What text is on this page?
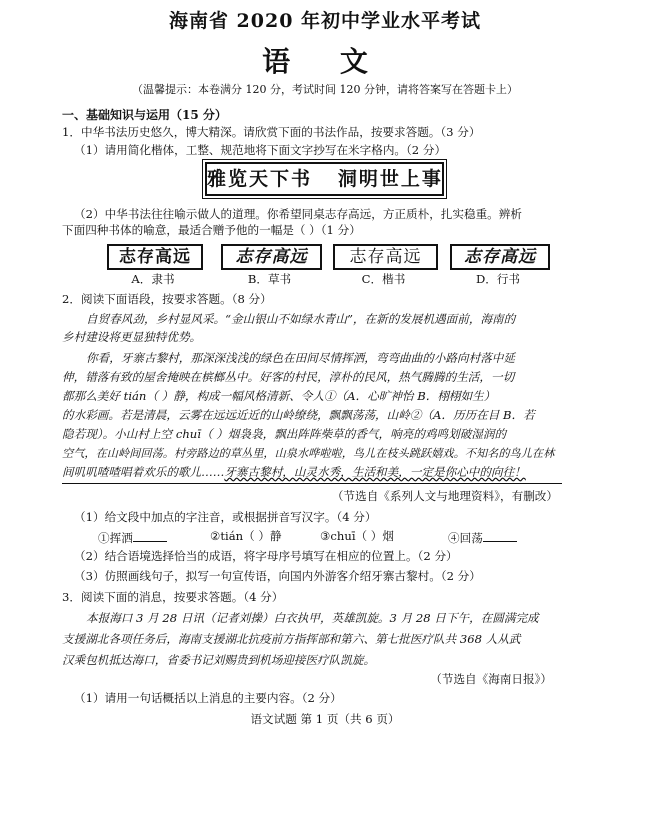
海南省 2020 年初中学业水平考试
语 文
（温馨提示：本卷满分 120 分，考试时间 120 分钟，请将答案写在答题卡上）
一、基础知识与运用（15 分）
1．中华书法历史悠久，博大精深。请欣赏下面的书法作品，按要求答题。（3 分）
（1）请用简化楷体，工整、规范地将下面文字抄写在米字格内。（2 分）
雅览天下书   洞明世上事
（2）中华书法往往喻示做人的道理。你希望同桌志存高远，方正质朴，扎实稳重。辨析
下面四种书体的喻意，最适合赠予他的一幅是（ ）（1 分）
志存高远
A．隶书
志存高远
B．草书
志存高远
C．楷书
志存高远
D．行书
2．阅读下面语段，按要求答题。（8 分）
自贸春风劲，乡村显风采。“金山银山不如绿水青山”，在新的发展机遇面前，海南的
乡村建设将更显独特优势。
你看，牙寨古黎村，那深深浅浅的绿色在田间尽情挥洒，弯弯曲曲的小路向村落中延
伸，错落有致的屋舍掩映在槟榔丛中。好客的村民，淳朴的民风，热气腾腾的生活，一切
都那么美好 tián（ ）静，构成一幅风格清新、令人①（A．心旷神怡 B．栩栩如生）
的水彩画。若是清晨，云雾在远远近近的山岭缭绕，飘飘荡荡，山岭②（A．历历在目 B．若
隐若现）。小山村上空 chuī（ ）烟袅袅，飘出阵阵柴草的香气，响亮的鸡鸣划破湿润的
空气，在山岭间回荡。村旁路边的草丛里，山泉水哗啦啦，鸟儿在枝头跳跃嬉戏。不知名的鸟儿在林
间叽叽喳喳唱着欢乐的歌儿……牙寨古黎村，山灵水秀，生活和美，一定是你心中的向往！
（节选自《系列人文与地理资料》，有删改）
（1）给文段中加点的字注音，或根据拼音写汉字。（4 分）
①挥洒	②tián（ ）静	③chuī（ ）烟	④回荡
（2）结合语境选择恰当的成语，将字母序号填写在相应的位置上。（2 分）
（3）仿照画线句子，拟写一句宣传语，向国内外游客介绍牙寨古黎村。（2 分）
3．阅读下面的消息，按要求答题。（4 分）
本报海口 3 月 28 日讯（记者刘操）白衣执甲，英雄凯旋。3 月 28 日下午，在圆满完成
支援湖北各项任务后，海南支援湖北抗疫前方指挥部和第六、第七批医疗队共 368 人从武
汉乘包机抵达海口，省委书记刘赐贵到机场迎接医疗队凯旋。
（节选自《海南日报》）
（1）请用一句话概括以上消息的主要内容。（2 分）
语文试题 第 1 页（共 6 页）
